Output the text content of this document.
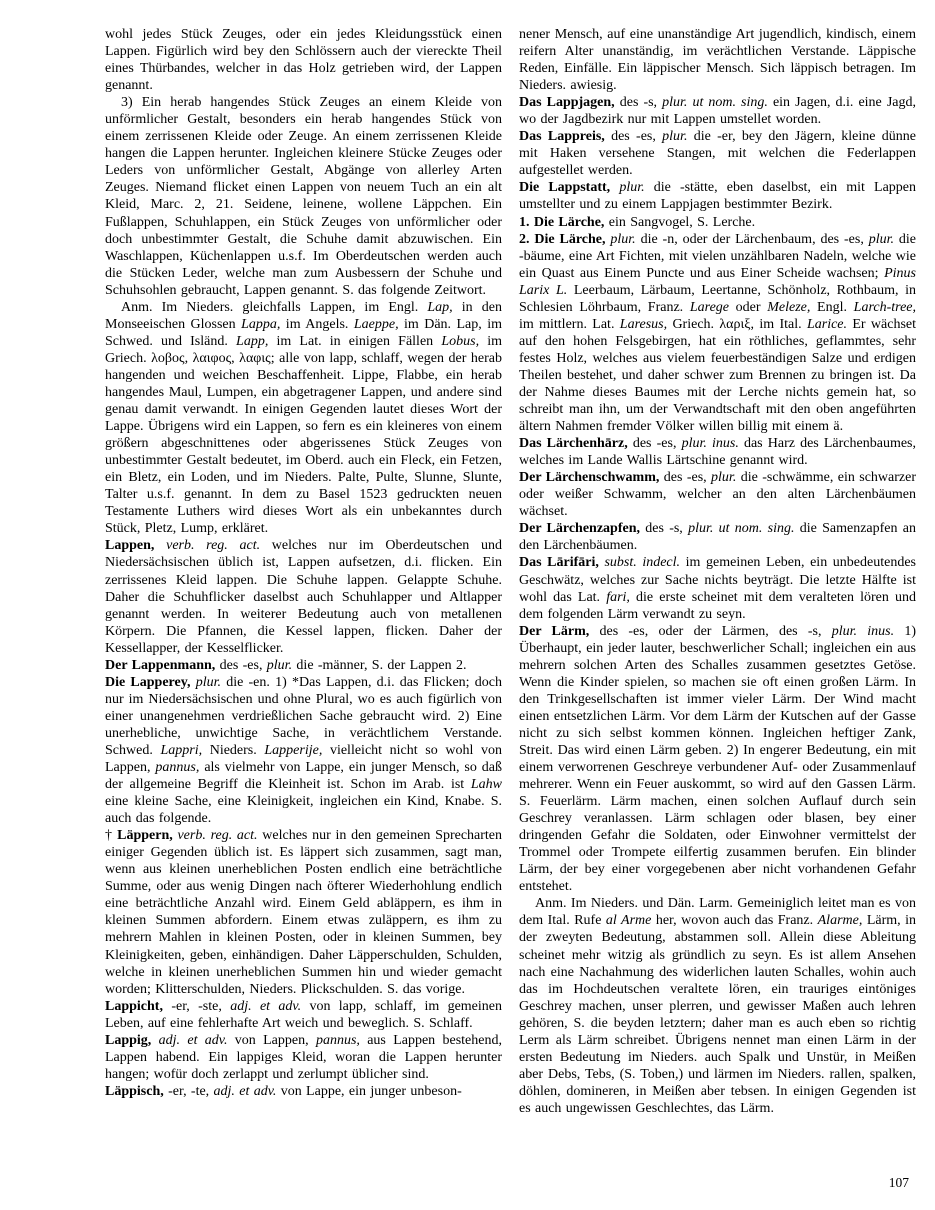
wohl jedes Stück Zeuges, oder ein jedes Kleidungsstück einen Lappen. Figürlich wird bey den Schlössern auch der viereckte Theil eines Thürbandes, welcher in das Holz getrieben wird, der Lappen genannt.

3) Ein herab hangendes Stück Zeuges an einem Kleide von unförmlicher Gestalt, besonders ein herab hangendes Stück von einem zerrissenen Kleide oder Zeuge. An einem zerrissenen Kleide hangen die Lappen herunter. Ingleichen kleinere Stücke Zeuges oder Leders von unförmlicher Gestalt, Abgänge von allerley Arten Zeuges. Niemand flicket einen Lappen von neuem Tuch an ein alt Kleid, Marc. 2, 21. Seidene, leinene, wollene Läppchen. Ein Fußlappen, Schuhlappen, ein Stück Zeuges von unförmlicher oder doch unbestimmter Gestalt, die Schuhe damit abzuwischen. Ein Waschlappen, Küchenlappen u.s.f. Im Oberdeutschen werden auch die Stücken Leder, welche man zum Ausbessern der Schuhe und Schuhsohlen gebraucht, Lappen genannt. S. das folgende Zeitwort.

Anm. Im Nieders. gleichfalls Lappen, im Engl. Lap, in den Monseeischen Glossen Lappa, im Angels. Laeppe, im Dän. Lap, im Schwed. und Isländ. Lapp, im Lat. in einigen Fällen Lobus, im Griech. λοβος, λαιφος, λαφις; alle von lapp, schlaff, wegen der herab hangenden und weichen Beschaffenheit. Lippe, Flabbe, ein herab hangendes Maul, Lumpen, ein abgetragener Lappen, und andere sind genau damit verwandt. In einigen Gegenden lautet dieses Wort der Lappe. Übrigens wird ein Lappen, so fern es ein kleineres von einem größern abgeschnittenes oder abgerissenes Stück Zeuges von unbestimmter Gestalt bedeutet, im Oberd. auch ein Fleck, ein Fetzen, ein Bletz, ein Loden, und im Nieders. Palte, Pulte, Slunne, Slunte, Talter u.s.f. genannt. In dem zu Basel 1523 gedruckten neuen Testamente Luthers wird dieses Wort als ein unbekanntes durch Stück, Pletz, Lump, erkläret.

Lappen, verb. reg. act. welches nur im Oberdeutschen und Niedersächsischen üblich ist, Lappen aufsetzen, d.i. flicken. Ein zerrissenes Kleid lappen. Die Schuhe lappen. Gelappte Schuhe. Daher die Schuhflicker daselbst auch Schuhlapper und Altlapper genannt werden. In weiterer Bedeutung auch von metallenen Körpern. Die Pfannen, die Kessel lappen, flicken. Daher der Kessellapper, der Kesselflicker.

Der Lappenmann, des -es, plur. die -männer, S. der Lappen 2.

Die Lapperey, plur. die -en. 1) *Das Lappen, d.i. das Flicken; doch nur im Niedersächsischen und ohne Plural, wo es auch figürlich von einer unangenehmen verdrießlichen Sache gebraucht wird. 2) Eine unerhebliche, unwichtige Sache, in verächtlichem Verstande. Schwed. Lappri, Nieders. Lapperije, vielleicht nicht so wohl von Lappen, pannus, als vielmehr von Lappe, ein junger Mensch, so daß der allgemeine Begriff die Kleinheit ist. Schon im Arab. ist Lahw eine kleine Sache, eine Kleinigkeit, ingleichen ein Kind, Knabe. S. auch das folgende.

† Läppern, verb. reg. act. welches nur in den gemeinen Sprecharten einiger Gegenden üblich ist. Es läppert sich zusammen, sagt man, wenn aus kleinen unerheblichen Posten endlich eine beträchtliche Summe, oder aus wenig Dingen nach öfterer Wiederhohlung endlich eine beträchtliche Anzahl wird. Einem Geld abläppern, es ihm in kleinen Summen abfordern. Einem etwas zuläppern, es ihm zu mehrern Mahlen in kleinen Posten, oder in kleinen Summen, bey Kleinigkeiten, geben, einhändigen. Daher Läpperschulden, Schulden, welche in kleinen unerheblichen Summen hin und wieder gemacht worden; Klitterschulden, Nieders. Plickschulden. S. das vorige.

Lappicht, -er, -ste, adj. et adv. von lapp, schlaff, im gemeinen Leben, auf eine fehlerhafte Art weich und beweglich. S. Schlaff.

Lappig, adj. et adv. von Lappen, pannus, aus Lappen bestehend, Lappen habend. Ein lappiges Kleid, woran die Lappen herunter hangen; wofür doch zerlappt und zerlumpt üblicher sind.

Läppisch, -er, -te, adj. et adv. von Lappe, ein junger unbeson-

nener Mensch, auf eine unanständige Art jugendlich, kindisch, einem reifern Alter unanständig, im verächtlichen Verstande. Läppische Reden, Einfälle. Ein läppischer Mensch. Sich läppisch betragen. Im Nieders. awiesig.

Das Lappjagen, des -s, plur. ut nom. sing. ein Jagen, d.i. eine Jagd, wo der Jagdbezirk nur mit Lappen umstellet worden.

Das Lappreis, des -es, plur. die -er, bey den Jägern, kleine dünne mit Haken versehene Stangen, mit welchen die Federlappen aufgestellet werden.

Die Lappstatt, plur. die -stätte, eben daselbst, ein mit Lappen umstellter und zu einem Lappjagen bestimmter Bezirk.

1. Die Lärche, ein Sangvogel, S. Lerche.

2. Die Lärche, plur. die -n, oder der Lärchenbaum, des -es, plur. die -bäume, eine Art Fichten, mit vielen unzählbaren Nadeln, welche wie ein Quast aus Einem Puncte und aus Einer Scheide wachsen; Pinus Larix L. Leerbaum, Lärbaum, Leertanne, Schönholz, Rothbaum, in Schlesien Löhrbaum, Franz. Larege oder Meleze, Engl. Larch-tree, im mittlern. Lat. Laresus, Griech. λαριξ, im Ital. Larice. Er wächset auf den hohen Felsgebirgen, hat ein röthliches, geflammtes, sehr festes Holz, welches aus vielem feuerbeständigen Salze und erdigen Theilen bestehet, und daher schwer zum Brennen zu bringen ist. Da der Nahme dieses Baumes mit der Lerche nichts gemein hat, so schreibt man ihn, um der Verwandtschaft mit den oben angeführten ältern Nahmen fremder Völker willen billig mit einem ä.

Das Lärchenhārz, des -es, plur. inus. das Harz des Lärchenbaumes, welches im Lande Wallis Lärtschine genannt wird.

Der Lärchenschwamm, des -es, plur. die -schwämme, ein schwarzer oder weißer Schwamm, welcher an den alten Lärchenbäumen wächset.

Der Lärchenzapfen, des -s, plur. ut nom. sing. die Samenzapfen an den Lärchenbäumen.

Das Lārifāri, subst. indecl. im gemeinen Leben, ein unbedeutendes Geschwätz, welches zur Sache nichts beyträgt. Die letzte Hälfte ist wohl das Lat. fari, die erste scheinet mit dem veralteten lören und dem folgenden Lärm verwandt zu seyn.

Der Lärm, des -es, oder der Lärmen, des -s, plur. inus. 1) Überhaupt, ein jeder lauter, beschwerlicher Schall; ingleichen ein aus mehrern solchen Arten des Schalles zusammen gesetztes Getöse. Wenn die Kinder spielen, so machen sie oft einen großen Lärm. In den Trinkgesellschaften ist immer vieler Lärm. Der Wind macht einen entsetzlichen Lärm. Vor dem Lärm der Kutschen auf der Gasse nicht zu sich selbst kommen können. Ingleichen heftiger Zank, Streit. Das wird einen Lärm geben. 2) In engerer Bedeutung, ein mit einem verworrenen Geschreye verbundener Auf- oder Zusammenlauf mehrerer. Wenn ein Feuer auskommt, so wird auf den Gassen Lärm. S. Feuerlärm. Lärm machen, einen solchen Auflauf durch sein Geschrey veranlassen. Lärm schlagen oder blasen, bey einer dringenden Gefahr die Soldaten, oder Einwohner vermittelst der Trommel oder Trompete eilfertig zusammen berufen. Ein blinder Lärm, der bey einer vorgegebenen aber nicht vorhandenen Gefahr entstehet.

Anm. Im Nieders. und Dän. Larm. Gemeiniglich leitet man es von dem Ital. Rufe al Arme her, wovon auch das Franz. Alarme, Lärm, in der zweyten Bedeutung, abstammen soll. Allein diese Ableitung scheinet mehr witzig als gründlich zu seyn. Es ist allem Ansehen nach eine Nachahmung des widerlichen lauten Schalles, wohin auch das im Hochdeutschen veraltete lören, ein trauriges eintöniges Geschrey machen, unser plerren, und gewisser Maßen auch lehren gehören, S. die beyden letztern; daher man es auch eben so richtig Lerm als Lärm schreibet. Übrigens nennet man einen Lärm in der ersten Bedeutung im Nieders. auch Spalk und Unstür, in Meißen aber Debs, Tebs, (S. Toben,) und lärmen im Nieders. rallen, spalken, döhlen, domineren, in Meißen aber tebsen. In einigen Gegenden ist es auch ungewissen Geschlechtes, das Lärm.

107
